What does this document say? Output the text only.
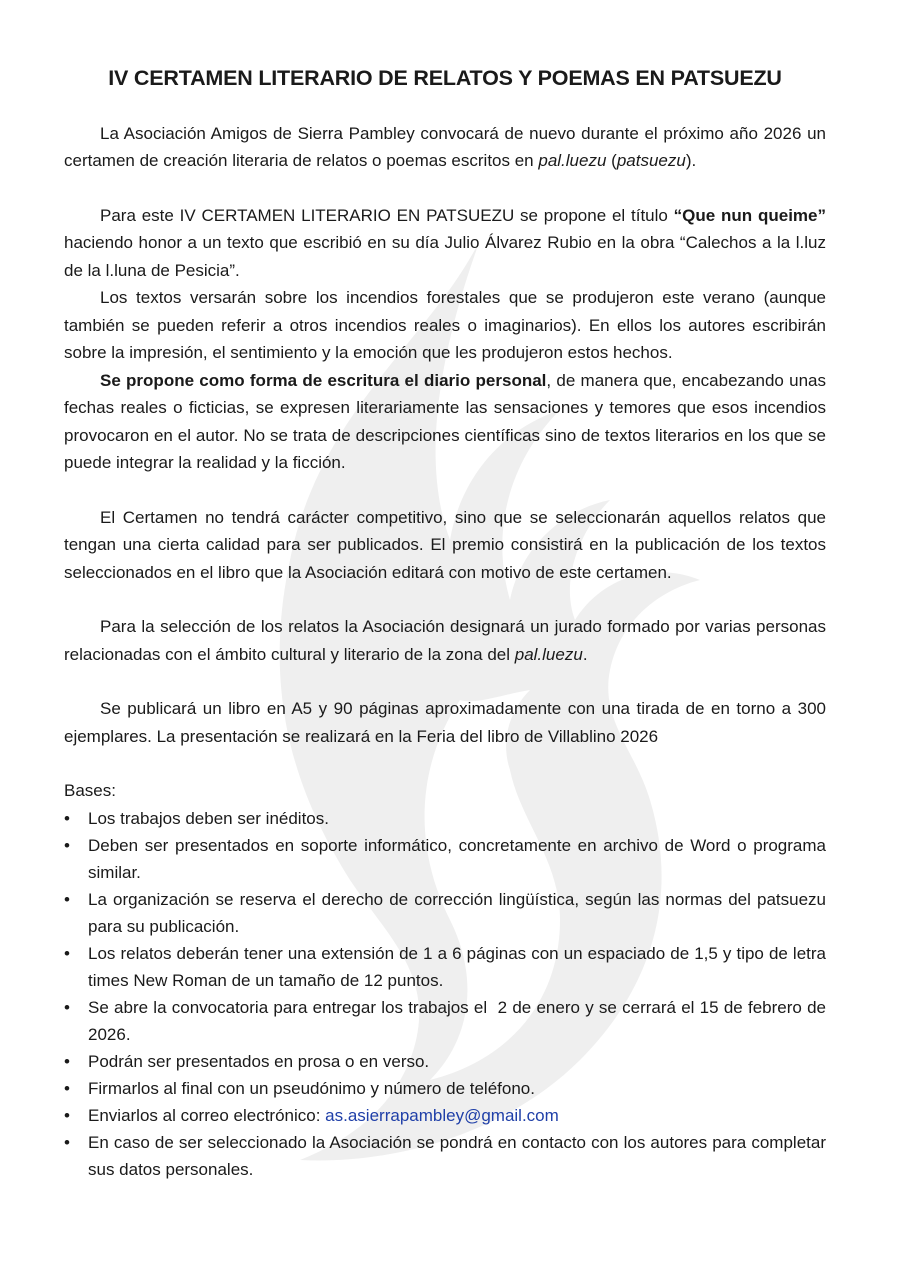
IV CERTAMEN LITERARIO DE RELATOS Y POEMAS EN PATSUEZU

La Asociación Amigos de Sierra Pambley convocará de nuevo durante el próximo año 2026 un certamen de creación literaria de relatos o poemas escritos en pal.luezu (patsuezu).

Para este IV CERTAMEN LITERARIO EN PATSUEZU se propone el título “Que nun queime” haciendo honor a un texto que escribió en su día Julio Álvarez Rubio en la obra “Calechos a la l.luz de la l.luna de Pesicia”.

Los textos versarán sobre los incendios forestales que se produjeron este verano (aunque también se pueden referir a otros incendios reales o imaginarios). En ellos los autores escribirán sobre la impresión, el sentimiento y la emoción que les produjeron estos hechos.

Se propone como forma de escritura el diario personal, de manera que, encabezando unas fechas reales o ficticias, se expresen literariamente las sensaciones y temores que esos incendios provocaron en el autor. No se trata de descripciones científicas sino de textos literarios en los que se puede integrar la realidad y la ficción.

El Certamen no tendrá carácter competitivo, sino que se seleccionarán aquellos relatos que tengan una cierta calidad para ser publicados. El premio consistirá en la publicación de los textos seleccionados en el libro que la Asociación editará con motivo de este certamen.

Para la selección de los relatos la Asociación designará un jurado formado por varias personas relacionadas con el ámbito cultural y literario de la zona del pal.luezu.

Se publicará un libro en A5 y 90 páginas aproximadamente con una tirada de en torno a 300 ejemplares. La presentación se realizará en la Feria del libro de Villablino 2026

Bases:
• Los trabajos deben ser inéditos.
• Deben ser presentados en soporte informático, concretamente en archivo de Word o programa similar.
• La organización se reserva el derecho de corrección lingüística, según las normas del patsuezu para su publicación.
• Los relatos deberán tener una extensión de 1 a 6 páginas con un espaciado de 1,5 y tipo de letra times New Roman de un tamaño de 12 puntos.
• Se abre la convocatoria para entregar los trabajos el  2 de enero y se cerrará el 15 de febrero de 2026.
• Podrán ser presentados en prosa o en verso.
• Firmarlos al final con un pseudónimo y número de teléfono.
• Enviarlos al correo electrónico: as.asierrapambley@gmail.com
• En caso de ser seleccionado la Asociación se pondrá en contacto con los autores para completar sus datos personales.
